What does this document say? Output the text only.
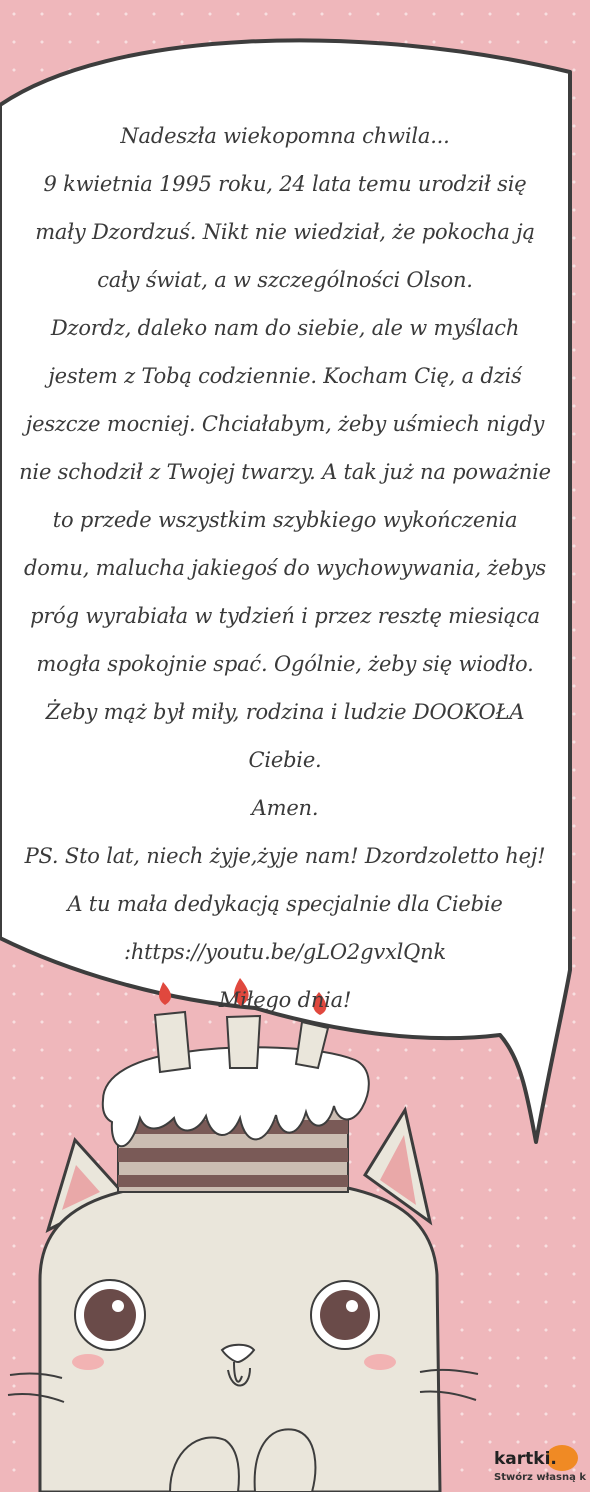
Nadeszła wiekopomna chwila...

9 kwietnia 1995 roku, 24 lata temu urodził się mały Dzordzuś. Nikt nie wiedział, że pokocha ją cały świat, a w szczególności Olson.

Dzordz, daleko nam do siebie, ale w myślach jestem z Tobą codziennie. Kocham Cię, a dziś jeszcze mocniej. Chciałabym, żeby uśmiech nigdy nie schodził z Twojej twarzy. A tak już na poważnie to przede wszystkim szybkiego wykończenia domu, malucha jakiegoś do wychowywania, żebys próg wyrabiała w tydzień i przez resztę miesiąca mogła spokojnie spać. Ogólnie, żeby się wiodło. Żeby mąż był miły, rodzina i ludzie DOOKOŁA Ciebie.

Amen.

PS. Sto lat, niech żyje,żyje nam! Dzordzoletto hej! A tu mała dedykacją specjalnie dla Ciebie :https://youtu.be/gLO2gvxlQnk

Miłego dnia!

kartki.
Stwórz własną k
